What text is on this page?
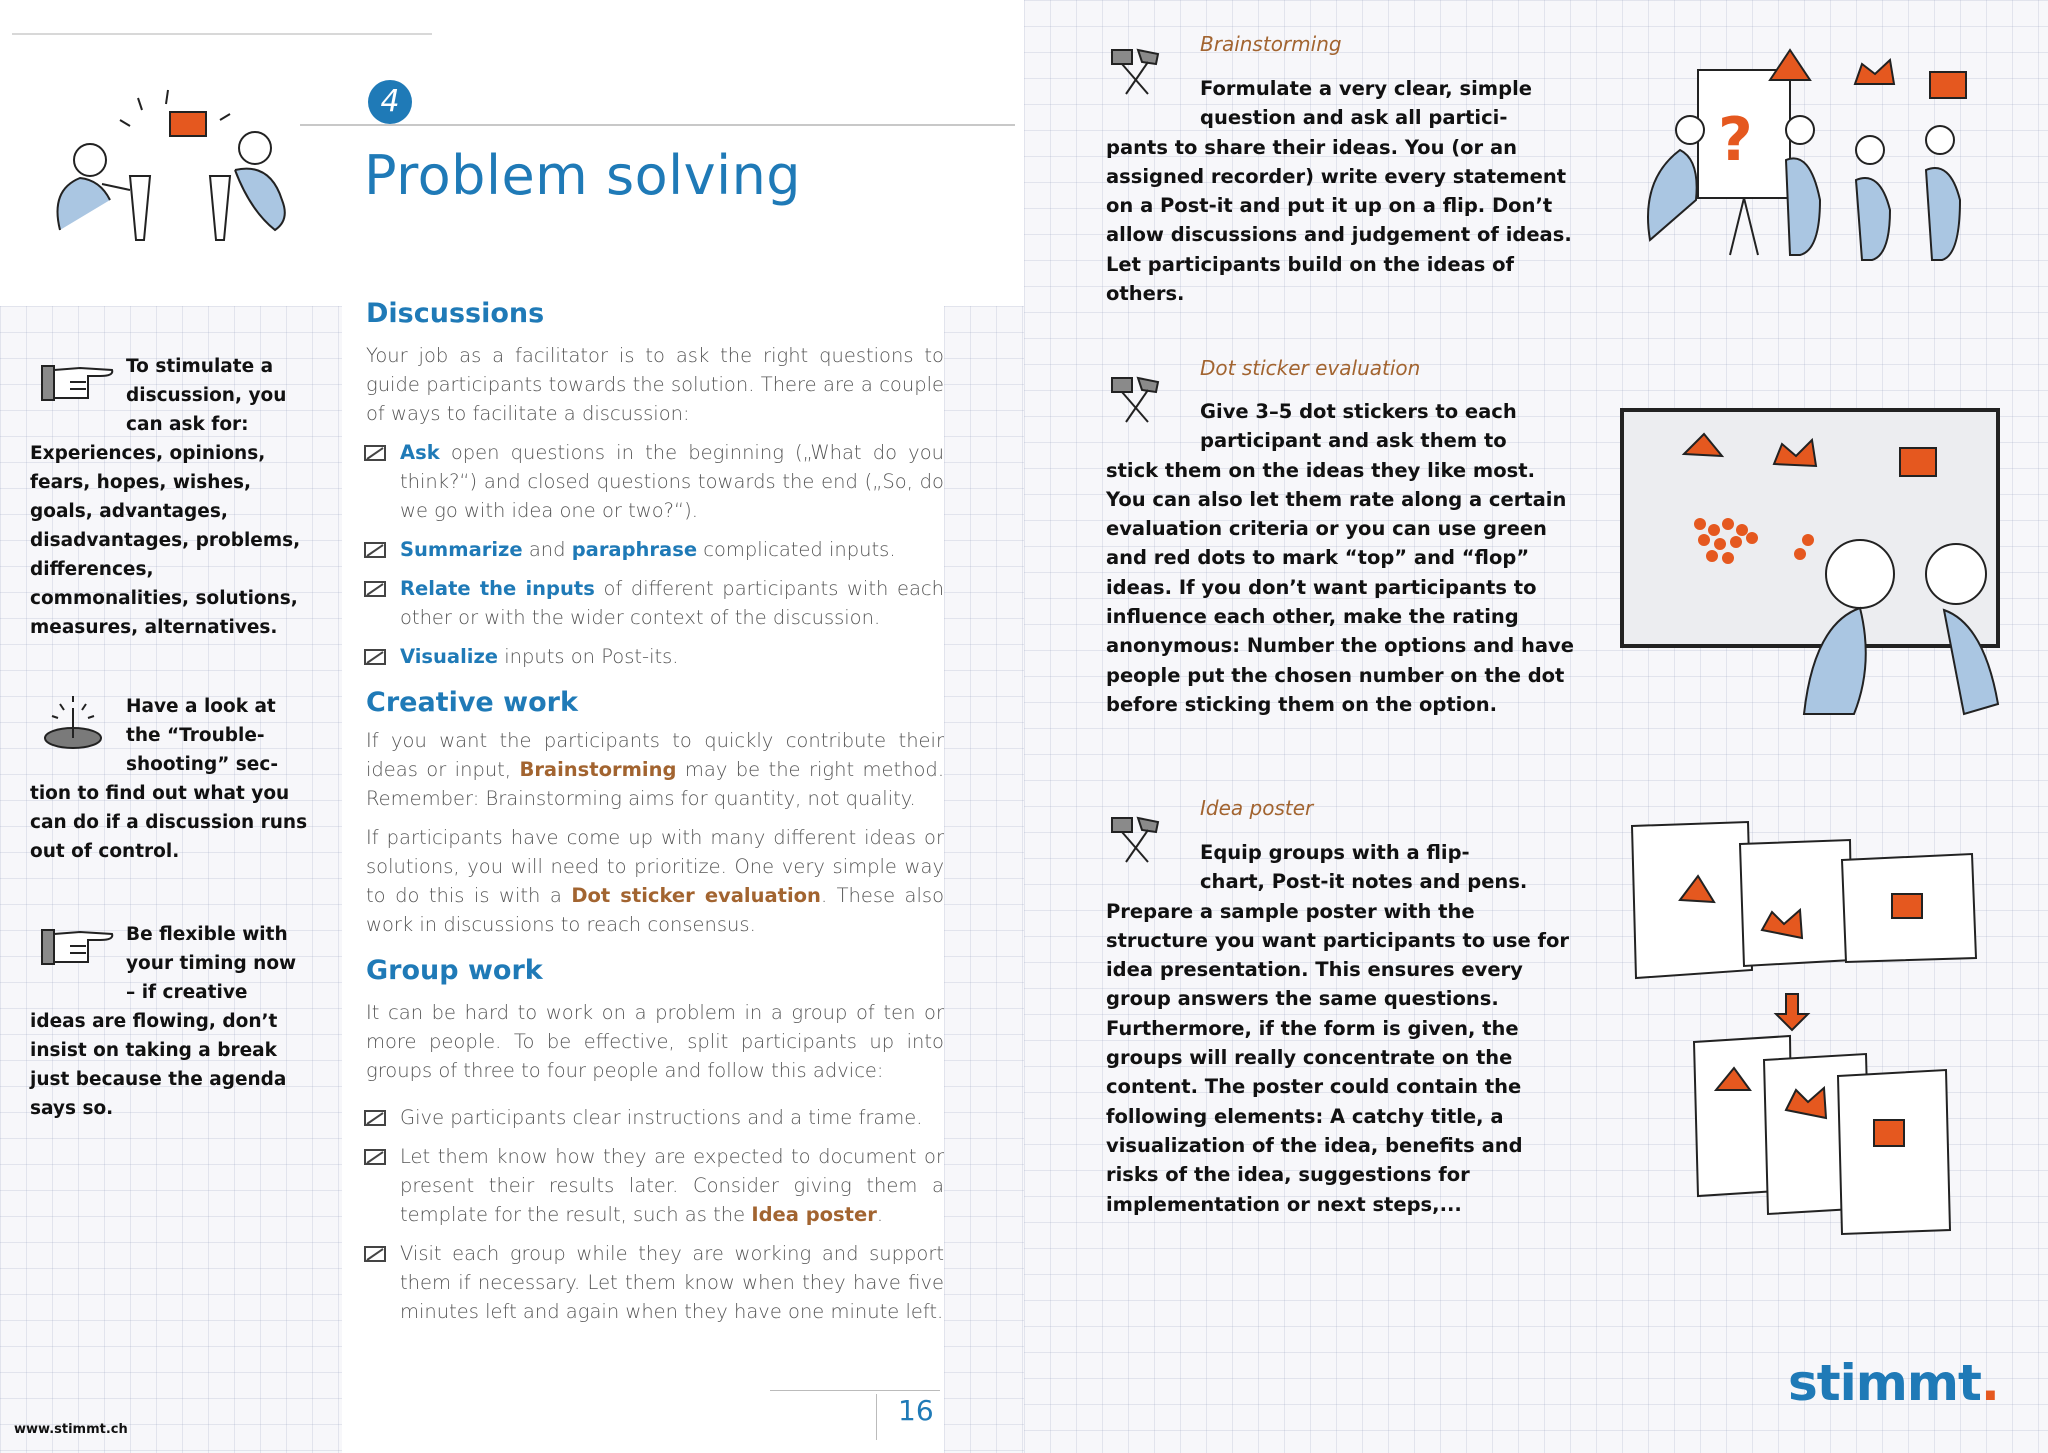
4
Problem solving
To stimulate a
discussion, you
can ask for:
Experiences, opinions, fears, hopes, wishes, goals, advantages, disadvantages, problems, differences, commonalities, solutions, measures, alternatives.
Have a look at
the “Trouble-
shooting” sec-
tion to find out what you can do if a discussion runs out of control.
Be flexible with
your timing now
– if creative
ideas are flowing, don’t insist on taking a break just because the agenda says so.
www.stimmt.ch
Discussions

Your job as a facilitator is to ask the right questions to guide participants towards the solution. There are a couple of ways to facilitate a discussion:

Ask open questions in the beginning („What do you think?“) and closed questions towards the end („So, do we go with idea one or two?“).
Summarize and paraphrase complicated inputs.
Relate the inputs of different participants with each other or with the wider context of the discussion.
Visualize inputs on Post-its.
Creative work

If you want the participants to quickly contribute their ideas or input, Brainstorming may be the right method. Remember: Brainstorming aims for quantity, not quality.

If participants have come up with many different ideas or solutions, you will need to prioritize. One very simple way to do this is with a Dot sticker evaluation. These also work in discussions to reach consensus.

Group work

It can be hard to work on a problem in a group of ten or more people. To be effective, split participants up into groups of three to four people and follow this advice:

Give participants clear instructions and a time frame.
Let them know how they are expected to document or present their results later. Consider giving them a template for the result, such as the Idea poster.
Visit each group while they are working and support them if necessary. Let them know when they have five minutes left and again when they have one minute left.
16
Brainstorming
Formulate a very clear, simple
question and ask all partici-
pants to share their ideas. You (or an assigned recorder) write every statement on a Post-it and put it up on a flip. Don’t allow discussions and judgement of ideas. Let participants build on the ideas of others.
?
Dot sticker evaluation
Give 3–5 dot stickers to each
participant and ask them to
stick them on the ideas they like most. You can also let them rate along a certain evaluation criteria or you can use green and red dots to mark “top” and “flop” ideas. If you don’t want participants to influence each other, make the rating anonymous: Number the options and have people put the chosen number on the dot before sticking them on the option.
Idea poster
Equip groups with a flip-
chart, Post-it notes and pens.
Prepare a sample poster with the structure you want participants to use for idea presentation. This ensures every group answers the same questions. Furthermore, if the form is given, the groups will really concentrate on the content. The poster could contain the following elements: A catchy title, a visualization of the idea, benefits and risks of the idea, suggestions for implementation or next steps,...
stimmt.
